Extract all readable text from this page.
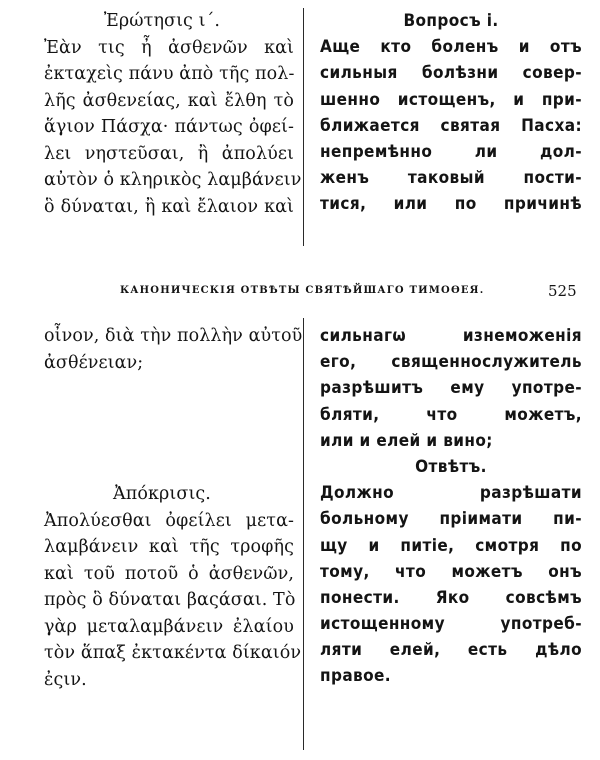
Ἐρώτησις ι΄.
Ἐὰν τις ἦ ἀσθενῶν καὶ
ἐκταχεὶς πάνυ ἀπὸ τῆς πολ-
λῆς ἀσθενείας, καὶ ἔλθη τὸ
ἅγιον Πάσχα· πάντως ὀφεί-
λει νηστεῦσαι, ἢ ἀπολύει
αὐτὸν ὁ κληρικὸς λαμβάνειν
ὃ δύναται, ἢ καὶ ἔλαιον καὶ
Вопросъ і.
Аще кто боленъ и отъ
сильныя болѣзни совер-
шенно истощенъ, и при-
ближается святая Пасха:
непремѣнно ли дол-
женъ таковый пости-
тися, или по причинѣ
КАНОНИЧЕСКІЯ ОТВѢТЫ СВЯТѢЙШАГО ТИМОѲЕЯ.	525
οἶνον, διὰ τὴν πολλὴν αὐτοῦ
ἀσθένειαν;
Ἀπόκρισις.
Ἀπολύεσθαι ὀφείλει μετα-
λαμβάνειν καὶ τῆς τροφῆς
καὶ τοῦ ποτοῦ ὁ ἀσθενῶν,
πρὸς ὃ δύναται βαςάσαι. Τὸ
γὰρ μεταλαμβάνειν ἐλαίου
τὸν ἅπαξ ἐκτακέντα δίκαιόν
ἐςιν.
сильнагω изнеможенія
его, священнослужитель
разрѣшитъ ему употре-
бляти, что можетъ,
или и елей и вино;
Отвѣтъ.
Должно разрѣшати
больному пріимати пи-
щу и питіе, смотря по
тому, что можетъ онъ
понести. Яко совсѣмъ
истощенному употреб-
ляти елей, есть дѣло
правое.
